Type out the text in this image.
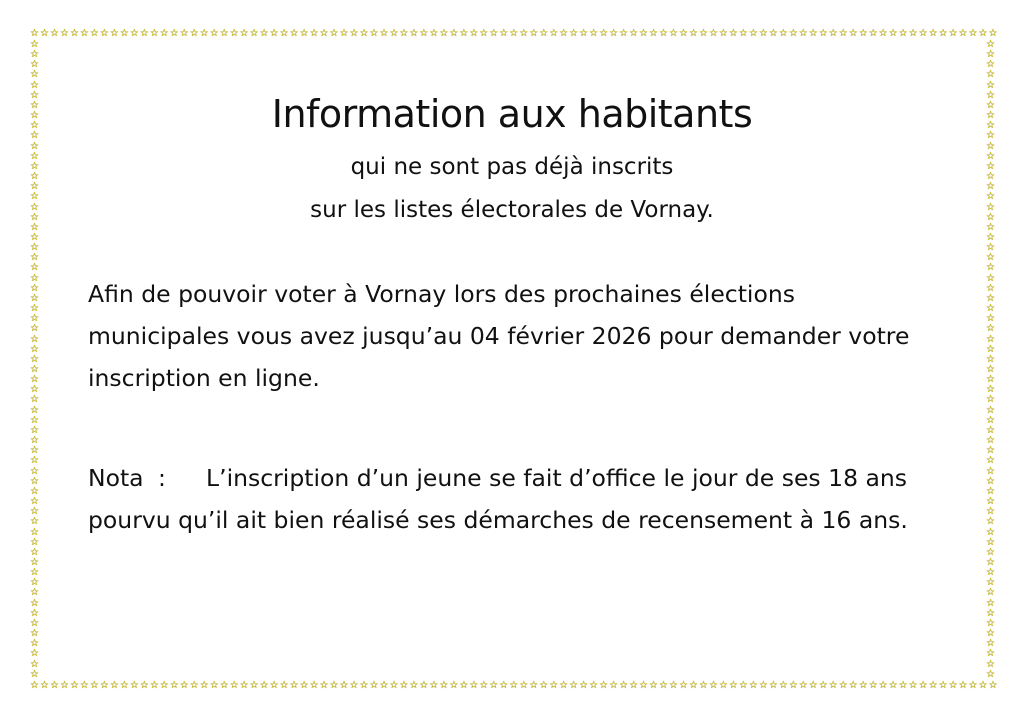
☆ ☆ ☆ ☆ ☆ ☆ ☆ ☆ ☆ ☆ ☆ ☆ ☆ ☆ ☆ ☆ ☆ ☆ ☆ ☆ ☆ ☆ ☆ ☆ ☆ ☆ ☆ ☆ ☆ ☆ ☆ ☆ ☆ ☆ ☆ ☆ ☆ ☆ ☆ ☆ ☆ ☆ ☆ ☆ ☆ ☆ ☆ ☆ ☆ ☆ ☆ ☆ ☆ ☆ ☆ ☆ ☆ ☆ ☆ ☆ ☆ ☆ ☆ ☆ ☆ ☆ ☆ ☆ ☆ ☆ ☆ ☆ ☆ ☆ ☆ ☆ ☆ ☆ ☆ ☆ ☆ ☆ ☆ ☆ ☆ ☆ ☆ ☆ ☆ ☆ ☆ ☆ ☆ ☆ ☆ ☆ ☆
☆ ☆ ☆ ☆ ☆ ☆ ☆ ☆ ☆ ☆ ☆ ☆ ☆ ☆ ☆ ☆ ☆ ☆ ☆ ☆ ☆ ☆ ☆ ☆ ☆ ☆ ☆ ☆ ☆ ☆ ☆ ☆ ☆ ☆ ☆ ☆ ☆ ☆ ☆ ☆ ☆ ☆ ☆ ☆ ☆ ☆ ☆ ☆ ☆ ☆ ☆ ☆ ☆ ☆ ☆ ☆ ☆ ☆ ☆ ☆ ☆ ☆ ☆ ☆ ☆ ☆ ☆ ☆ ☆ ☆ ☆ ☆ ☆ ☆ ☆ ☆ ☆ ☆ ☆ ☆ ☆ ☆ ☆ ☆ ☆ ☆ ☆ ☆ ☆ ☆ ☆ ☆ ☆ ☆ ☆ ☆ ☆
☆
☆
☆
☆
☆
☆
☆
☆
☆
☆
☆
☆
☆
☆
☆
☆
☆
☆
☆
☆
☆
☆
☆
☆
☆
☆
☆
☆
☆
☆
☆
☆
☆
☆
☆
☆
☆
☆
☆
☆
☆
☆
☆
☆
☆
☆
☆
☆
☆
☆
☆
☆
☆
☆
☆
☆
☆
☆
☆
☆
☆
☆
☆
☆
☆
☆
☆
☆
☆
☆
☆
☆
☆
☆
☆
☆
☆
☆
☆
☆
☆
☆
☆
☆
☆
☆
☆
☆
☆
☆
☆
☆
☆
☆
☆
☆
☆
☆
☆
☆
☆
☆
☆
☆
☆
☆
☆
☆
☆
☆
☆
☆
☆
☆
☆
☆
☆
☆
☆
☆
☆
☆
☆
☆
☆
☆
Information aux habitants

qui ne sont pas déjà inscrits

sur les listes électorales de Vornay.

Afin de pouvoir voter à Vornay lors des prochaines élections municipales vous avez jusqu’au 04 février 2026 pour demander votre inscription en ligne.

Nota : L’inscription d’un jeune se fait d’office le jour de ses 18 ans pourvu qu’il ait bien réalisé ses démarches de recensement à 16 ans.
